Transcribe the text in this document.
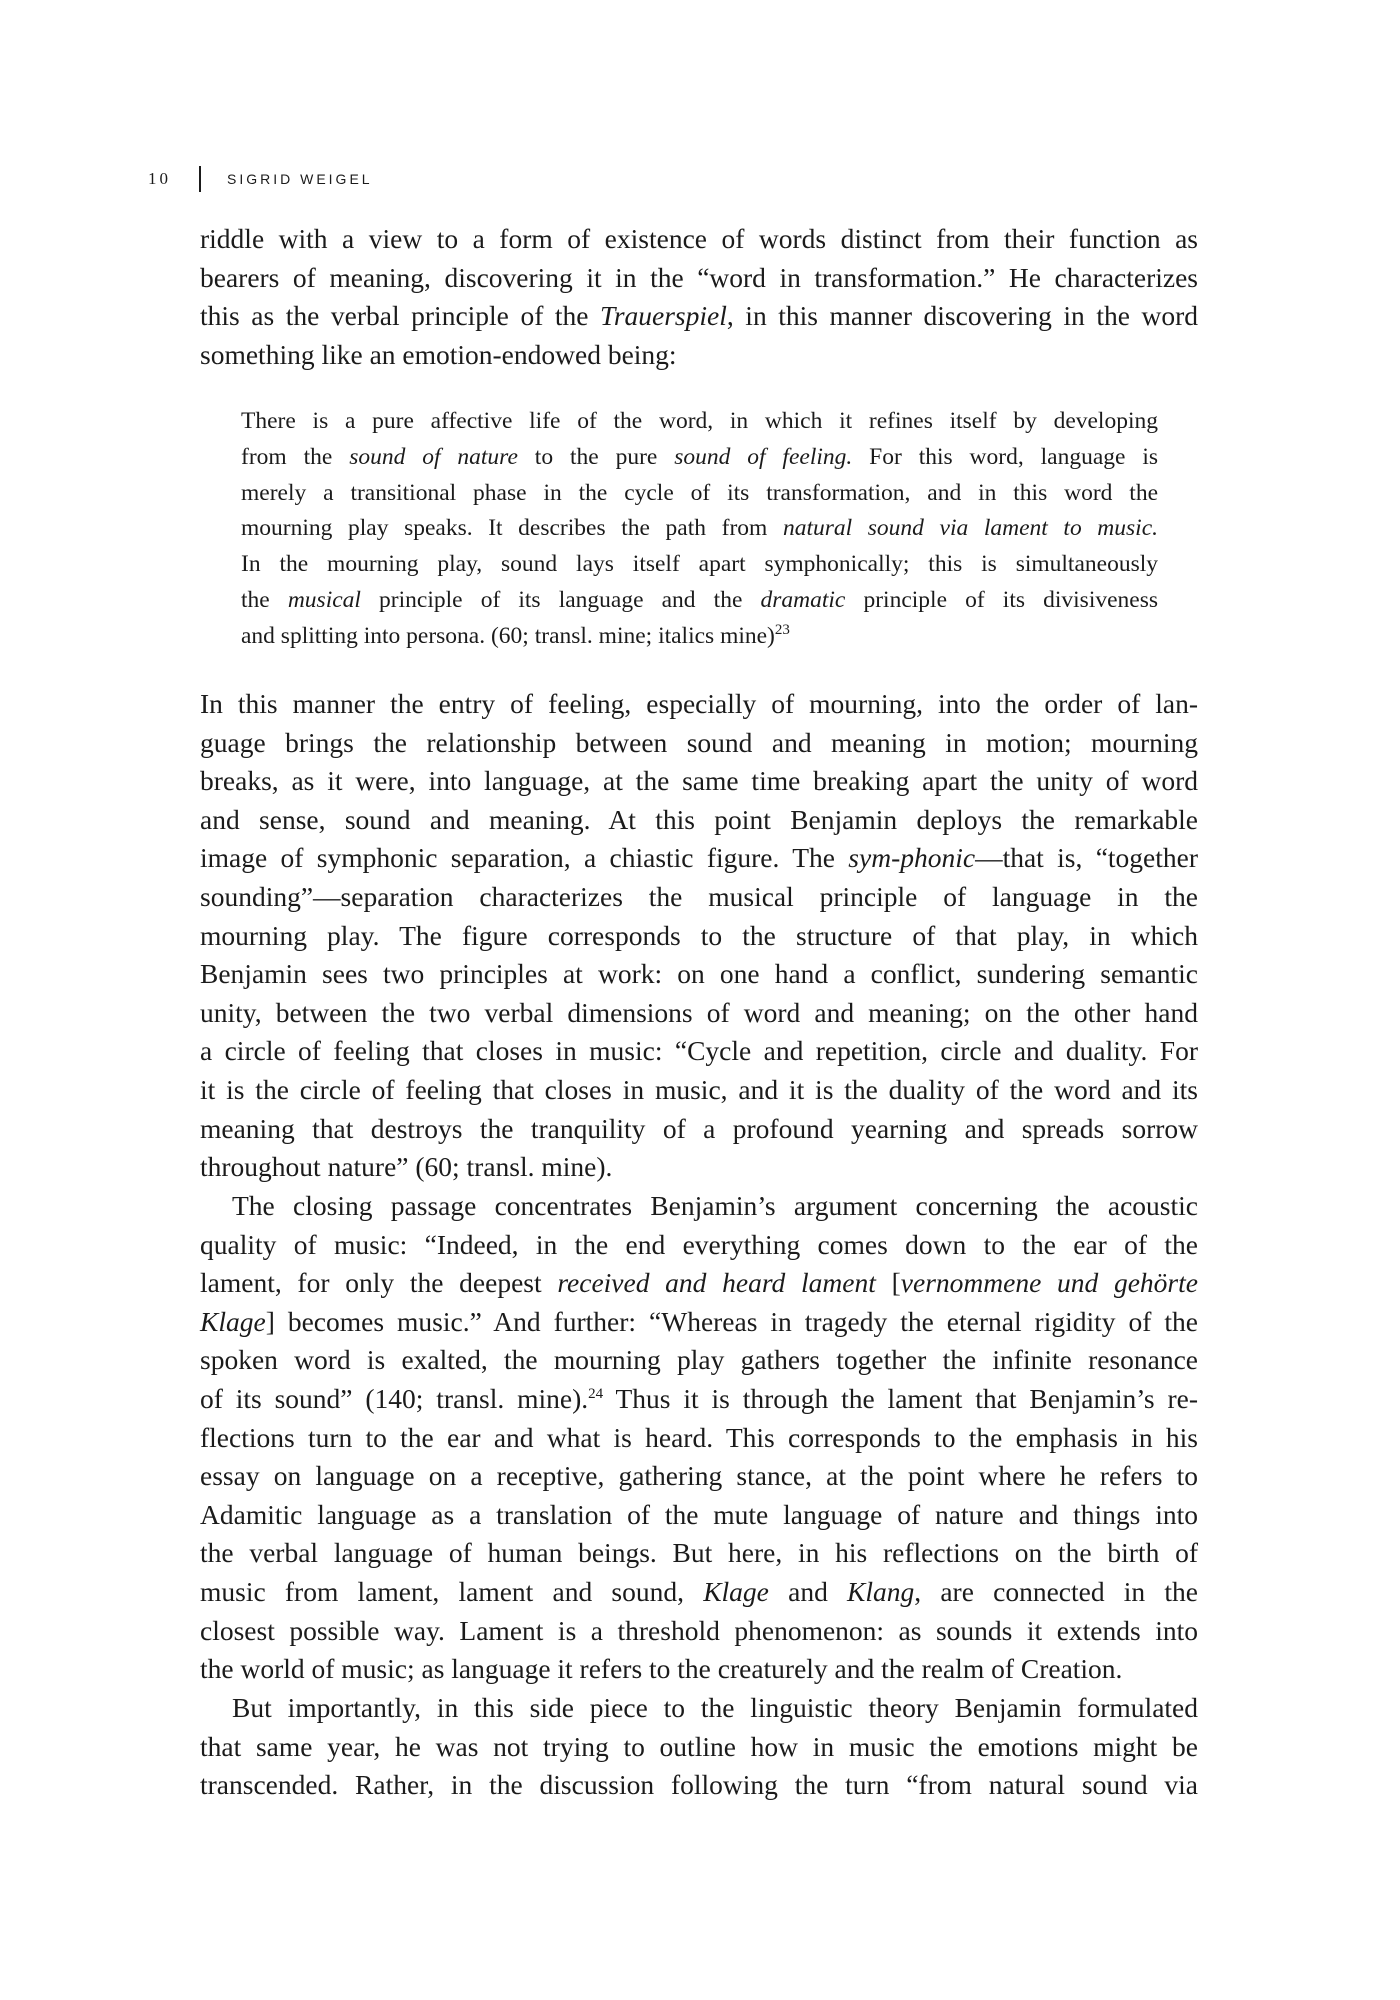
10	SIGRID WEIGEL
riddle with a view to a form of existence of words distinct from their function as
bearers of meaning, discovering it in the “word in transformation.” He characterizes
this as the verbal principle of the Trauerspiel, in this manner discovering in the word
something like an emotion-endowed being:
There is a pure affective life of the word, in which it refines itself by developing
from the sound of nature to the pure sound of feeling. For this word, language is
merely a transitional phase in the cycle of its transformation, and in this word the
mourning play speaks. It describes the path from natural sound via lament to music.
In the mourning play, sound lays itself apart symphonically; this is simultaneously
the musical principle of its language and the dramatic principle of its divisiveness
and splitting into persona. (60; transl. mine; italics mine)$^{23}$
In this manner the entry of feeling, especially of mourning, into the order of lan-
guage brings the relationship between sound and meaning in motion; mourning
breaks, as it were, into language, at the same time breaking apart the unity of word
and sense, sound and meaning. At this point Benjamin deploys the remarkable
image of symphonic separation, a chiastic figure. The sym-phonic—that is, “together
sounding”—separation characterizes the musical principle of language in the
mourning play. The figure corresponds to the structure of that play, in which
Benjamin sees two principles at work: on one hand a conflict, sundering semantic
unity, between the two verbal dimensions of word and meaning; on the other hand
a circle of feeling that closes in music: “Cycle and repetition, circle and duality. For
it is the circle of feeling that closes in music, and it is the duality of the word and its
meaning that destroys the tranquility of a profound yearning and spreads sorrow
throughout nature” (60; transl. mine).
The closing passage concentrates Benjamin’s argument concerning the acoustic
quality of music: “Indeed, in the end everything comes down to the ear of the
lament, for only the deepest received and heard lament [vernommene und gehörte
Klage] becomes music.” And further: “Whereas in tragedy the eternal rigidity of the
spoken word is exalted, the mourning play gathers together the infinite resonance
of its sound” (140; transl. mine).$^{24}$ Thus it is through the lament that Benjamin’s re-
flections turn to the ear and what is heard. This corresponds to the emphasis in his
essay on language on a receptive, gathering stance, at the point where he refers to
Adamitic language as a translation of the mute language of nature and things into
the verbal language of human beings. But here, in his reflections on the birth of
music from lament, lament and sound, Klage and Klang, are connected in the
closest possible way. Lament is a threshold phenomenon: as sounds it extends into
the world of music; as language it refers to the creaturely and the realm of Creation.
But importantly, in this side piece to the linguistic theory Benjamin formulated
that same year, he was not trying to outline how in music the emotions might be
transcended. Rather, in the discussion following the turn “from natural sound via
